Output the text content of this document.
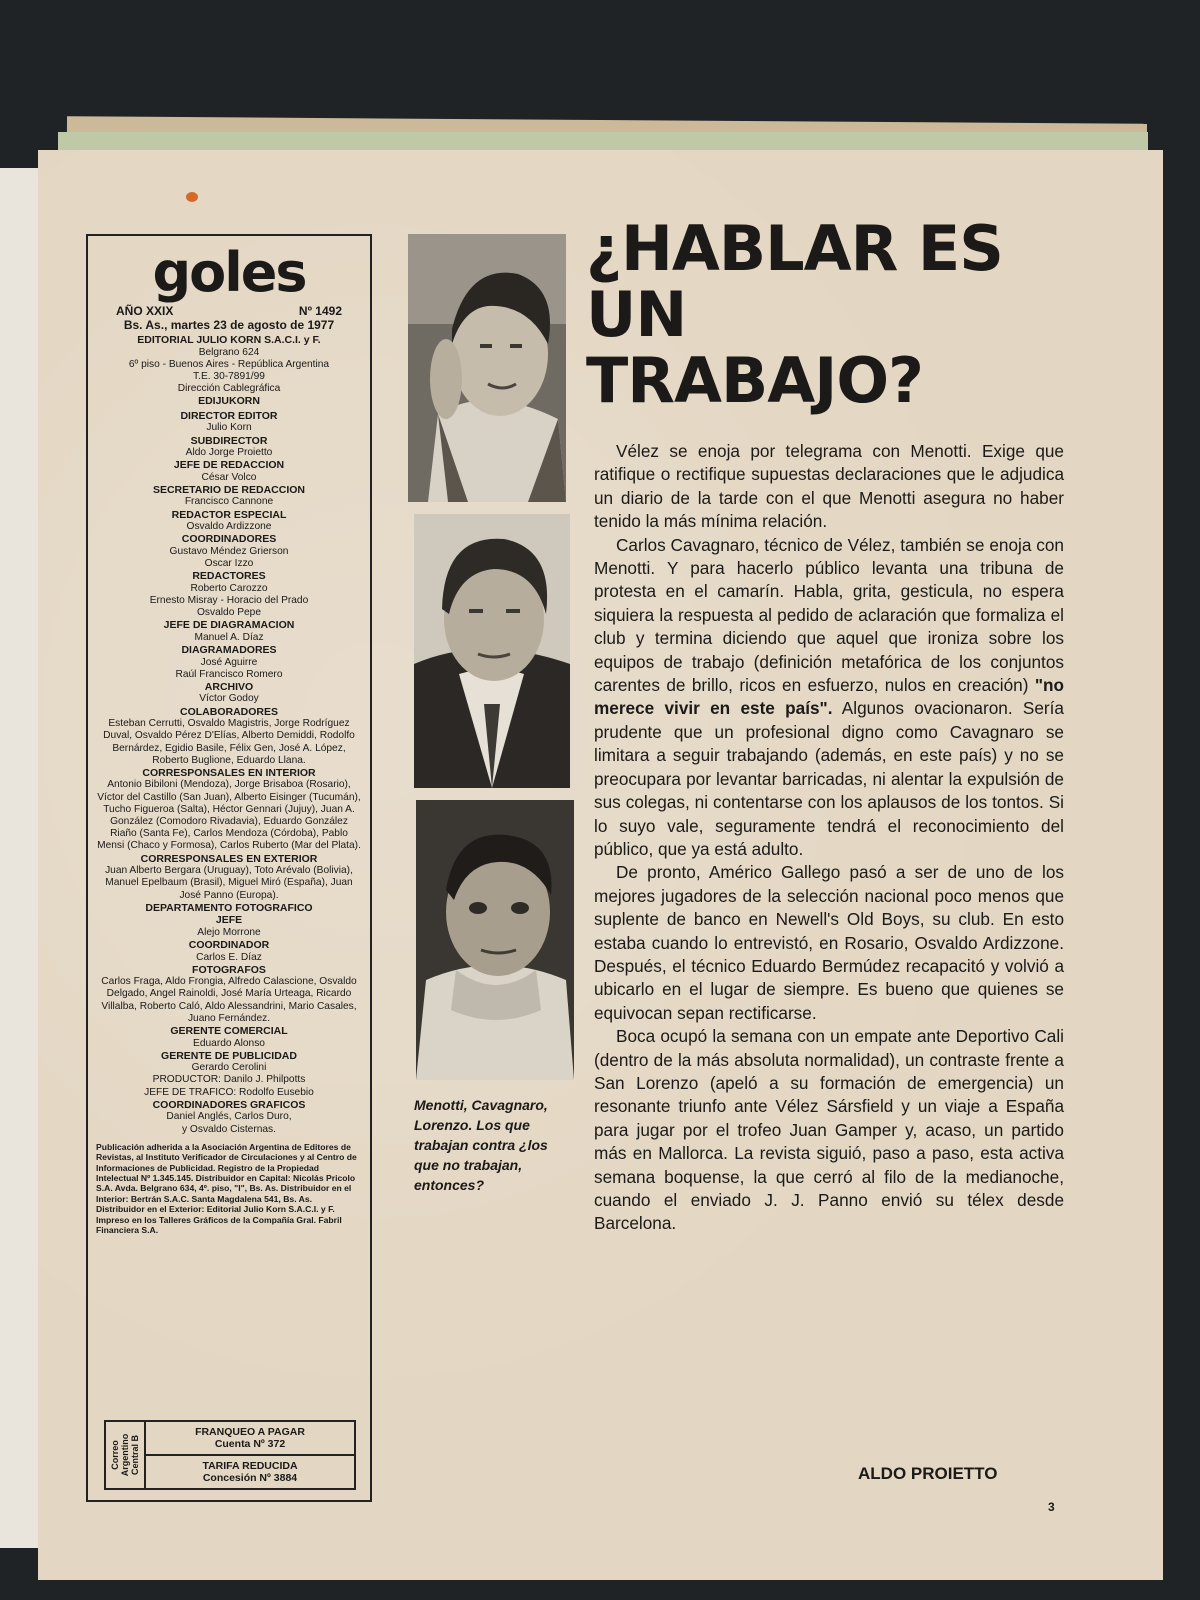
goles
AÑO XXIX	Nº 1492
Bs. As., martes 23 de agosto de 1977
EDITORIAL JULIO KORN S.A.C.I. y F.
Belgrano 624
6º piso - Buenos Aires - República Argentina
T.E. 30-7891/99
Dirección Cablegráfica
EDIJUKORN
DIRECTOR EDITOR
Julio Korn
SUBDIRECTOR
Aldo Jorge Proietto
JEFE DE REDACCION
César Volco
SECRETARIO DE REDACCION
Francisco Cannone
REDACTOR ESPECIAL
Osvaldo Ardizzone
COORDINADORES
Gustavo Méndez Grierson
Oscar Izzo
REDACTORES
Roberto Carozzo
Ernesto Misray - Horacio del Prado
Osvaldo Pepe
JEFE DE DIAGRAMACION
Manuel A. Díaz
DIAGRAMADORES
José Aguirre
Raúl Francisco Romero
ARCHIVO
Víctor Godoy
COLABORADORES
Esteban Cerrutti, Osvaldo Magistris, Jorge Rodríguez Duval, Osvaldo Pérez D'Elías, Alberto Demiddi, Rodolfo Bernárdez, Egidio Basile, Félix Gen, José A. López, Roberto Buglione, Eduardo Llana.
CORRESPONSALES EN INTERIOR
Antonio Bibiloni (Mendoza), Jorge Brisaboa (Rosario), Víctor del Castillo (San Juan), Alberto Eisinger (Tucumán), Tucho Figueroa (Salta), Héctor Gennari (Jujuy), Juan A. González (Comodoro Rivadavia), Eduardo González Riaño (Santa Fe), Carlos Mendoza (Córdoba), Pablo Mensi (Chaco y Formosa), Carlos Ruberto (Mar del Plata).
CORRESPONSALES EN EXTERIOR
Juan Alberto Bergara (Uruguay), Toto Arévalo (Bolivia), Manuel Epelbaum (Brasil), Miguel Miró (España), Juan José Panno (Europa).
DEPARTAMENTO FOTOGRAFICO
JEFE
Alejo Morrone
COORDINADOR
Carlos E. Díaz
FOTOGRAFOS
Carlos Fraga, Aldo Frongia, Alfredo Calascione, Osvaldo Delgado, Angel Rainoldi, José María Urteaga, Ricardo Villalba, Roberto Caló, Aldo Alessandrini, Mario Casales, Juano Fernández.
GERENTE COMERCIAL
Eduardo Alonso
GERENTE DE PUBLICIDAD
Gerardo Cerolini
PRODUCTOR: Danilo J. Philpotts
JEFE DE TRAFICO: Rodolfo Eusebio
COORDINADORES GRAFICOS
Daniel Anglés, Carlos Duro,
y Osvaldo Cisternas.
Publicación adherida a la Asociación Argentina de Editores de Revistas, al Instituto Verificador de Circulaciones y al Centro de Informaciones de Publicidad. Registro de la Propiedad Intelectual Nº 1.345.145. Distribuidor en Capital: Nicolás Pricolo S.A. Avda. Belgrano 634, 4º. piso, "I", Bs. As. Distribuidor en el Interior: Bertrán S.A.C. Santa Magdalena 541, Bs. As. Distribuidor en el Exterior: Editorial Julio Korn S.A.C.I. y F. Impreso en los Talleres Gráficos de la Compañía Gral. Fabril Financiera S.A.
Correo
Argentino
Central B
FRANQUEO A PAGAR
Cuenta Nº 372
TARIFA REDUCIDA
Concesión Nº 3884
Menotti, Cavagnaro, Lorenzo. Los que trabajan contra ¿los que no trabajan, entonces?
¿HABLAR ES UN TRABAJO?

Vélez se enoja por telegrama con Menotti. Exige que ratifique o rectifique supuestas declaraciones que le adjudica un diario de la tarde con el que Menotti asegura no haber tenido la más mínima relación.

Carlos Cavagnaro, técnico de Vélez, también se enoja con Menotti. Y para hacerlo público levanta una tribuna de protesta en el camarín. Habla, grita, gesticula, no espera siquiera la respuesta al pedido de aclaración que formaliza el club y termina diciendo que aquel que ironiza sobre los equipos de trabajo (definición metafórica de los conjuntos carentes de brillo, ricos en esfuerzo, nulos en creación) "no merece vivir en este país". Algunos ovacionaron. Sería prudente que un profesional digno como Cavagnaro se limitara a seguir trabajando (además, en este país) y no se preocupara por levantar barricadas, ni alentar la expulsión de sus colegas, ni contentarse con los aplausos de los tontos. Si lo suyo vale, seguramente tendrá el reconocimiento del público, que ya está adulto.

De pronto, Américo Gallego pasó a ser de uno de los mejores jugadores de la selección nacional poco menos que suplente de banco en Newell's Old Boys, su club. En esto estaba cuando lo entrevistó, en Rosario, Osvaldo Ardizzone. Después, el técnico Eduardo Bermúdez recapacitó y volvió a ubicarlo en el lugar de siempre. Es bueno que quienes se equivocan sepan rectificarse.

Boca ocupó la semana con un empate ante Deportivo Cali (dentro de la más absoluta normalidad), un contraste frente a San Lorenzo (apeló a su formación de emergencia) un resonante triunfo ante Vélez Sársfield y un viaje a España para jugar por el trofeo Juan Gamper y, acaso, un partido más en Mallorca. La revista siguió, paso a paso, esta activa semana boquense, la que cerró al filo de la medianoche, cuando el enviado J. J. Panno envió su télex desde Barcelona.

ALDO PROIETTO
3
